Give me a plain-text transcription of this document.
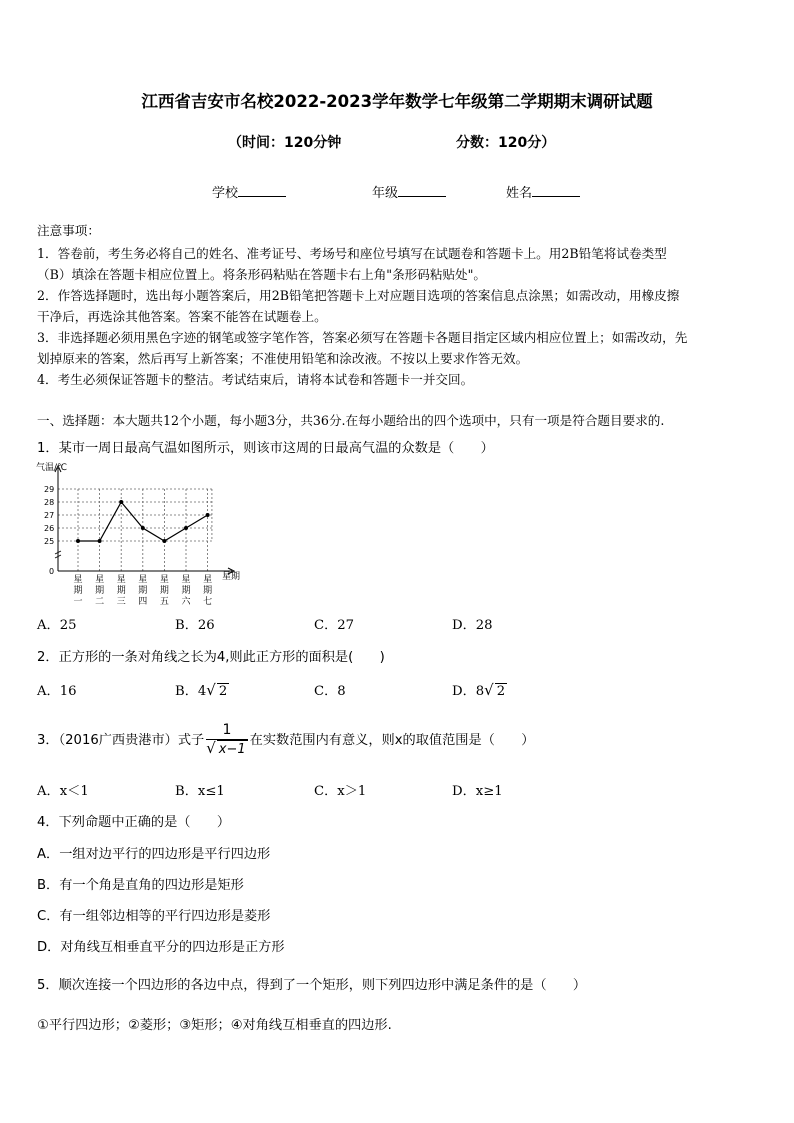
江西省吉安市名校2022-2023学年数学七年级第二学期期末调研试题
（时间：120分钟	分数：120分）
学校	年级	姓名
注意事项：
1．答卷前，考生务必将自己的姓名、准考证号、考场号和座位号填写在试题卷和答题卡上。用2B铅笔将试卷类型
（B）填涂在答题卡相应位置上。将条形码粘贴在答题卡右上角"条形码粘贴处"。
2．作答选择题时，选出每小题答案后，用2B铅笔把答题卡上对应题目选项的答案信息点涂黑；如需改动，用橡皮擦
干净后，再选涂其他答案。答案不能答在试题卷上。
3．非选择题必须用黑色字迹的钢笔或签字笔作答，答案必须写在答题卡各题目指定区域内相应位置上；如需改动，先
划掉原来的答案，然后再写上新答案；不准使用铅笔和涂改液。不按以上要求作答无效。
4．考生必须保证答题卡的整洁。考试结束后，请将本试卷和答题卡一并交回。
一、选择题：本大题共12个小题，每小题3分，共36分.在每小题给出的四个选项中，只有一项是符合题目要求的.
1．某市一周日最高气温如图所示，则该市这周的日最高气温的众数是（　　）
气温/℃
星期
0
25
26
27
28
29
星
期
一
星
期
二
星
期
三
星
期
四
星
期
五
星
期
六
星
期
七
A．25	B．26	C．27	D．28
2．正方形的一条对角线之长为4,则此正方形的面积是(　　)
A．16	B．4√ 2	C．8	D．8√ 2
3．（2016广西贵港市）式子 $\frac{1}{√ x-1}$ 在实数范围内有意义，则x的取值范围是（　　）
A．x＜1	B．x≤1	C．x＞1	D．x≥1
4．下列命题中正确的是（　　）
A．一组对边平行的四边形是平行四边形
B．有一个角是直角的四边形是矩形
C．有一组邻边相等的平行四边形是菱形
D．对角线互相垂直平分的四边形是正方形
5．顺次连接一个四边形的各边中点，得到了一个矩形，则下列四边形中满足条件的是（　　）
①平行四边形；②菱形；③矩形；④对角线互相垂直的四边形.
